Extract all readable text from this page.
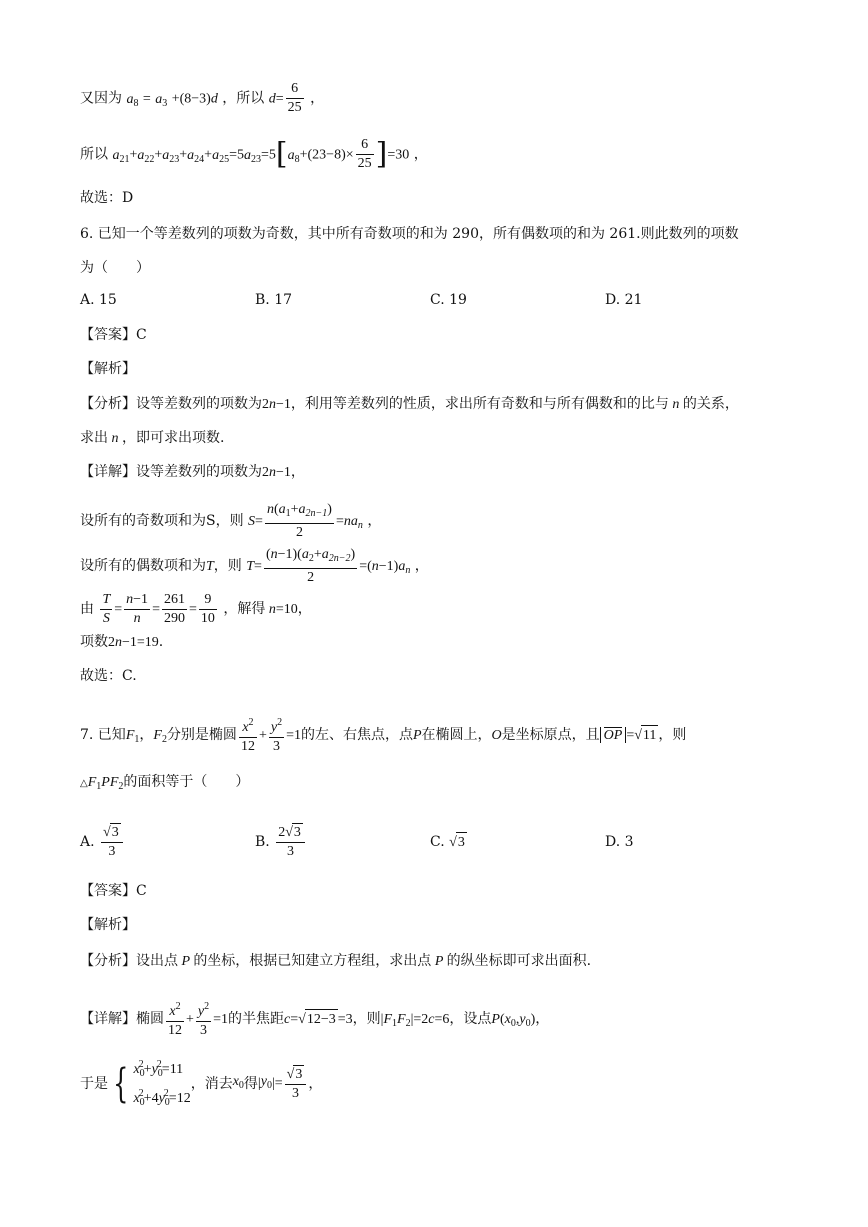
又因为 $a_8 = a_3 +(8-3)d$ ，所以 $d= \frac{6}{25}$ ，
所以 $a_{21}+a_{22}+a_{23}+a_{24}+a_{25}=5a_{23}=5[a_8+(23-8)\times \frac{6}{25} ]=30$ ，
故选：D
6. 已知一个等差数列的项数为奇数，其中所有奇数项的和为 290，所有偶数项的和为 261.则此数列的项数
为（　　）
A. 15	B. 17	C. 19	D. 21
【答案】C
【解析】
【分析】设等差数列的项数为2n−1，利用等差数列的性质，求出所有奇数和与所有偶数和的比与 n 的关系，
求出 n ，即可求出项数.
【详解】设等差数列的项数为2n−1，
设所有的奇数项和为S，则 $S= \frac{n(a_1+a_{2n-1})}{2} =na_n$ ，
设所有的偶数项和为T，则 $T= \frac{(n-1)(a_2+a_{2n-2})}{2} =(n-1)a_n$ ，
由 $\frac{T}{S} = \frac{n-1}{n} = \frac{261}{290} = \frac{9}{10}$ ，解得 n=10，
项数2n−1=19.
故选：C.
7. 已知$F_1$，$F_2$分别是椭圆 $\frac{x^2}{12} + \frac{y^2}{3} =1$的左、右焦点，点P在椭圆上，O是坐标原点，且 OP =√11 ，则
$\triangle F_1PF_2$的面积等于（　　）
A. $\frac{√3}{3}$	B. $\frac{2√3}{3}$	C. √3	D. 3
【答案】C
【解析】
【分析】设出点 P 的坐标，根据已知建立方程组，求出点 P 的纵坐标即可求出面积.
【详解】椭圆 $\frac{x^2}{12} + \frac{y^2}{3} =1$的半焦距c=√12−3 =3，则$|F_1F_2|=2c=6$，设点$P(x_0,y_0)$，
于是 { $x_0^2+y_0^2=11$
$x_0^2+4y_0^2=12$
，消去$x_0$得$|y_0|= \frac{√3}{3}$ ，
